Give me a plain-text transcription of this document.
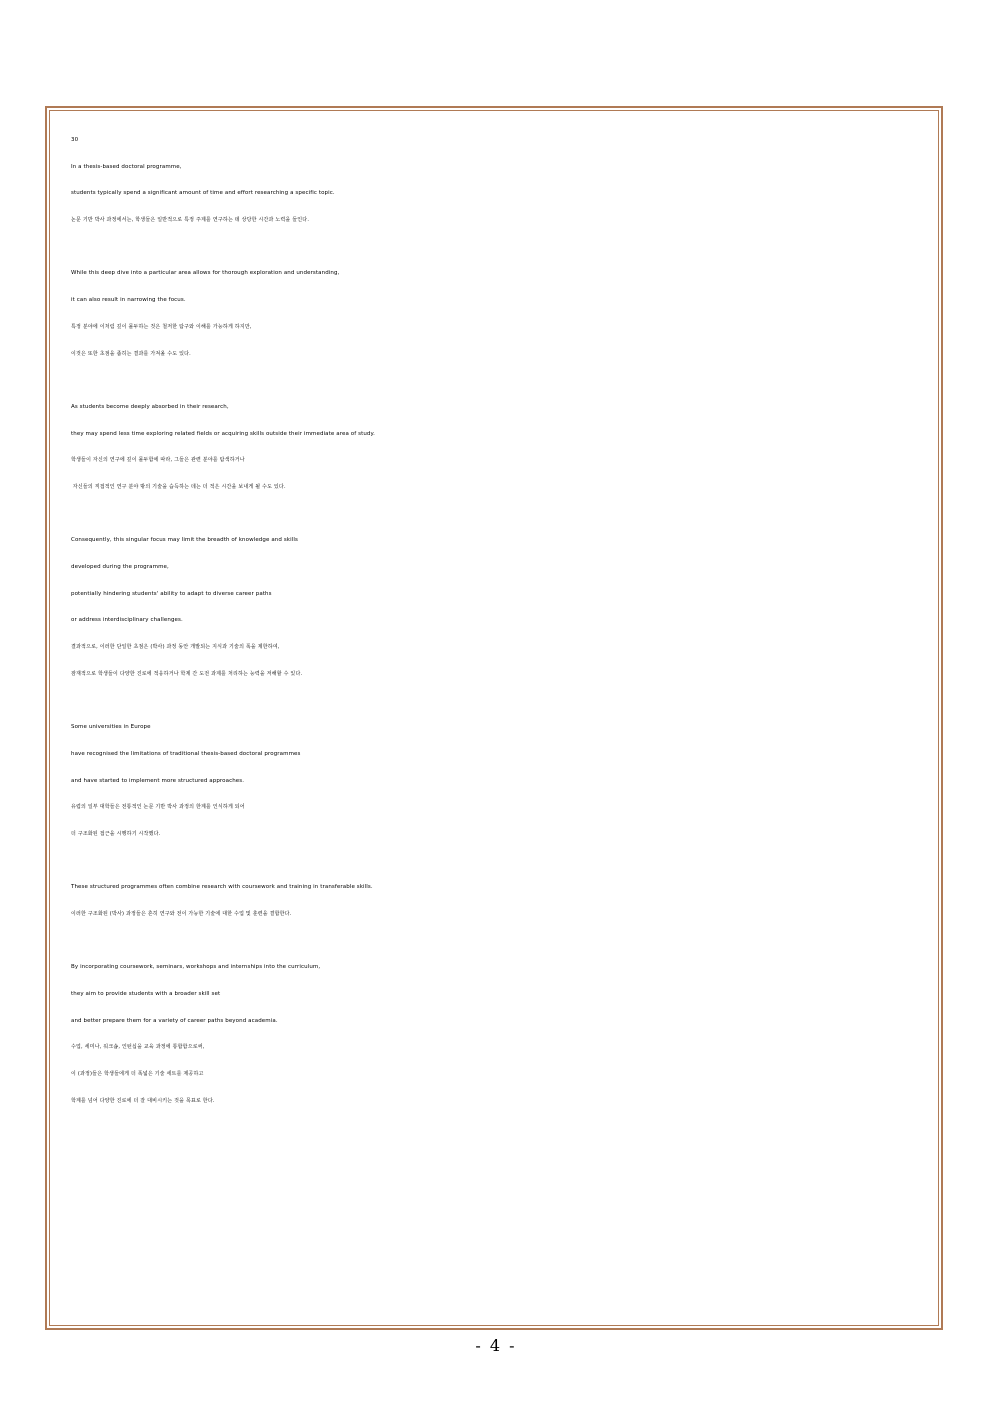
30
In a thesis-based doctoral programme,
students typically spend a significant amount of time and effort researching a specific topic.
논문 기반 박사 과정에서는, 학생들은 일반적으로 특정 주제를 연구하는 데 상당한 시간과 노력을 들인다.
While this deep dive into a particular area allows for thorough exploration and understanding,
it can also result in narrowing the focus.
특정 분야에 이처럼 깊이 몰두하는 것은 철저한 탐구와 이해를 가능하게 하지만,
이것은 또한 초점을 좁히는 결과를 가져올 수도 있다.
As students become deeply absorbed in their research,
they may spend less time exploring related fields or acquiring skills outside their immediate area of study.
학생들이 자신의 연구에 깊이 몰두함에 따라, 그들은 관련 분야를 탐색하거나
자신들의 직접적인 연구 분야 밖의 기술을 습득하는 데는 더 적은 시간을 보내게 될 수도 있다.
Consequently, this singular focus may limit the breadth of knowledge and skills
developed during the programme,
potentially hindering students' ability to adapt to diverse career paths
or address interdisciplinary challenges.
결과적으로, 이러한 단일한 초점은 (박사) 과정 동안 개발되는 지식과 기술의 폭을 제한하여,
잠재적으로 학생들이 다양한 진로에 적응하거나 학제 간 도전 과제를 처리하는 능력을 저해할 수 있다.
Some universities in Europe
have recognised the limitations of traditional thesis-based doctoral programmes
and have started to implement more structured approaches.
유럽의 일부 대학들은 전통적인 논문 기반 박사 과정의 한계를 인식하게 되어
더 구조화된 접근을 시행하기 시작했다.
These structured programmes often combine research with coursework and training in transferable skills.
이러한 구조화된 (박사) 과정들은 흔히 연구와 전이 가능한 기술에 대한 수업 및 훈련을 결합한다.
By incorporating coursework, seminars, workshops and internships into the curriculum,
they aim to provide students with a broader skill set
and better prepare them for a variety of career paths beyond academia.
수업, 세미나, 워크숍, 인턴십을 교육 과정에 통합함으로써,
이 (과정)들은 학생들에게 더 폭넓은 기술 세트를 제공하고
학계를 넘어 다양한 진로에 더 잘 대비시키는 것을 목표로 한다.
- 4 -
